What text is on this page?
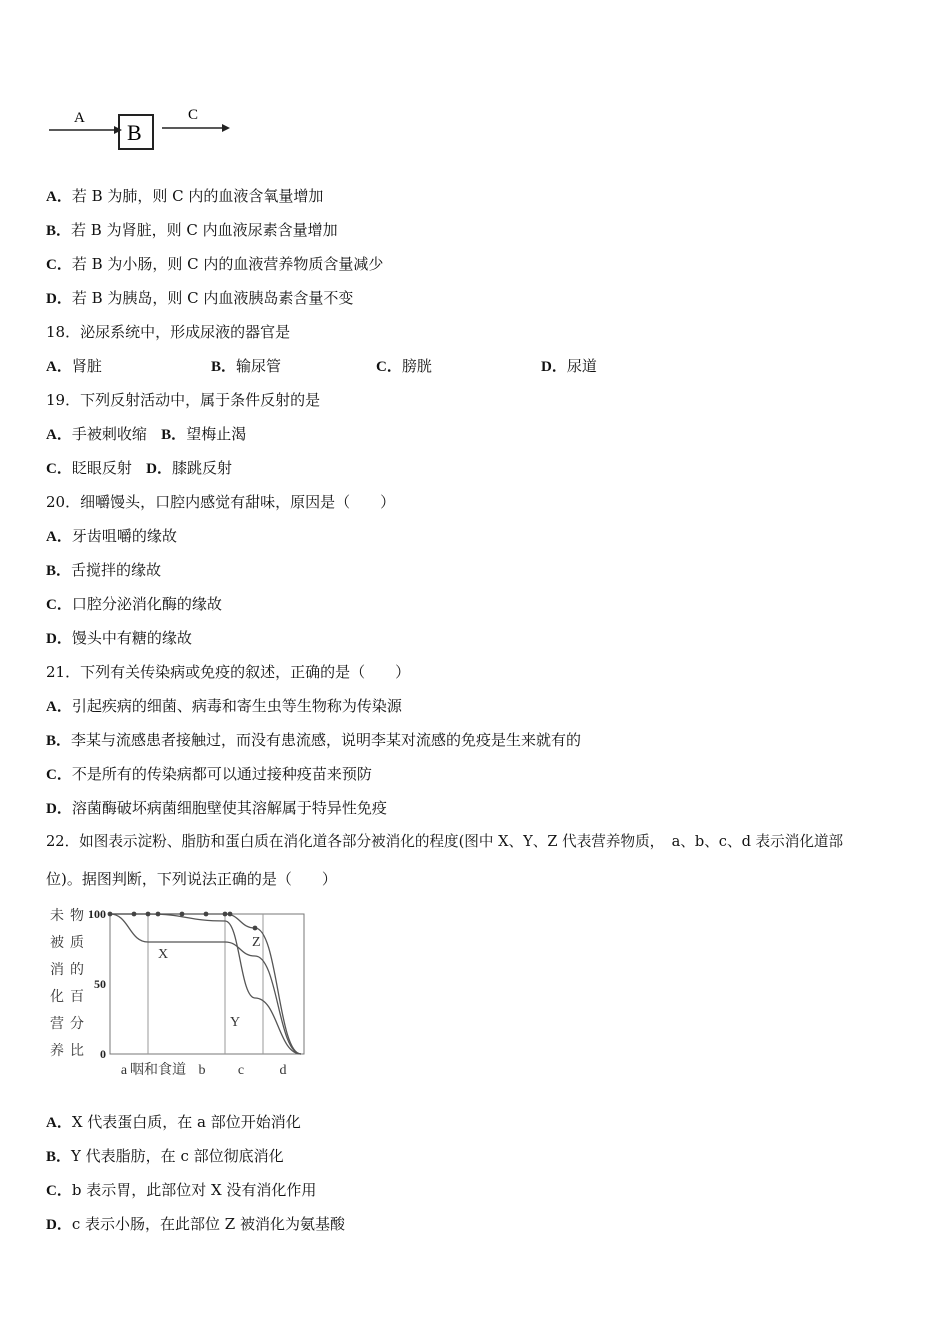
A
B
C
A．若 B 为肺，则 C 内的血液含氧量增加
B．若 B 为肾脏，则 C 内血液尿素含量增加
C．若 B 为小肠，则 C 内的血液营养物质含量减少
D．若 B 为胰岛，则 C 内血液胰岛素含量不变
18．泌尿系统中，形成尿液的器官是
A．肾脏	B．输尿管	C．膀胱	D．尿道
19．下列反射活动中，属于条件反射的是
A．手被刺收缩 B．望梅止渴
C．眨眼反射 D．膝跳反射
20．细嚼馒头，口腔内感觉有甜味，原因是（　　）
A．牙齿咀嚼的缘故
B．舌搅拌的缘故
C．口腔分泌消化酶的缘故
D．馒头中有糖的缘故
21．下列有关传染病或免疫的叙述，正确的是（　　）
A．引起疾病的细菌、病毒和寄生虫等生物称为传染源
B．李某与流感患者接触过，而没有患流感，说明李某对流感的免疫是生来就有的
C．不是所有的传染病都可以通过接种疫苗来预防
D．溶菌酶破坏病菌细胞壁使其溶解属于特异性免疫
22．如图表示淀粉、脂肪和蛋白质在消化道各部分被消化的程度(图中 X、Y、Z 代表营养物质，　a、b、c、d 表示消化道部
位)。据图判断，下列说法正确的是（　　）
未被消化营养
物质的百分比
100
50
0
a 咽和食道 b c	d
X
Y
Z
A．X 代表蛋白质，在 a 部位开始消化
B．Y 代表脂肪，在 c 部位彻底消化
C．b 表示胃，此部位对 X 没有消化作用
D．c 表示小肠，在此部位 Z 被消化为氨基酸
